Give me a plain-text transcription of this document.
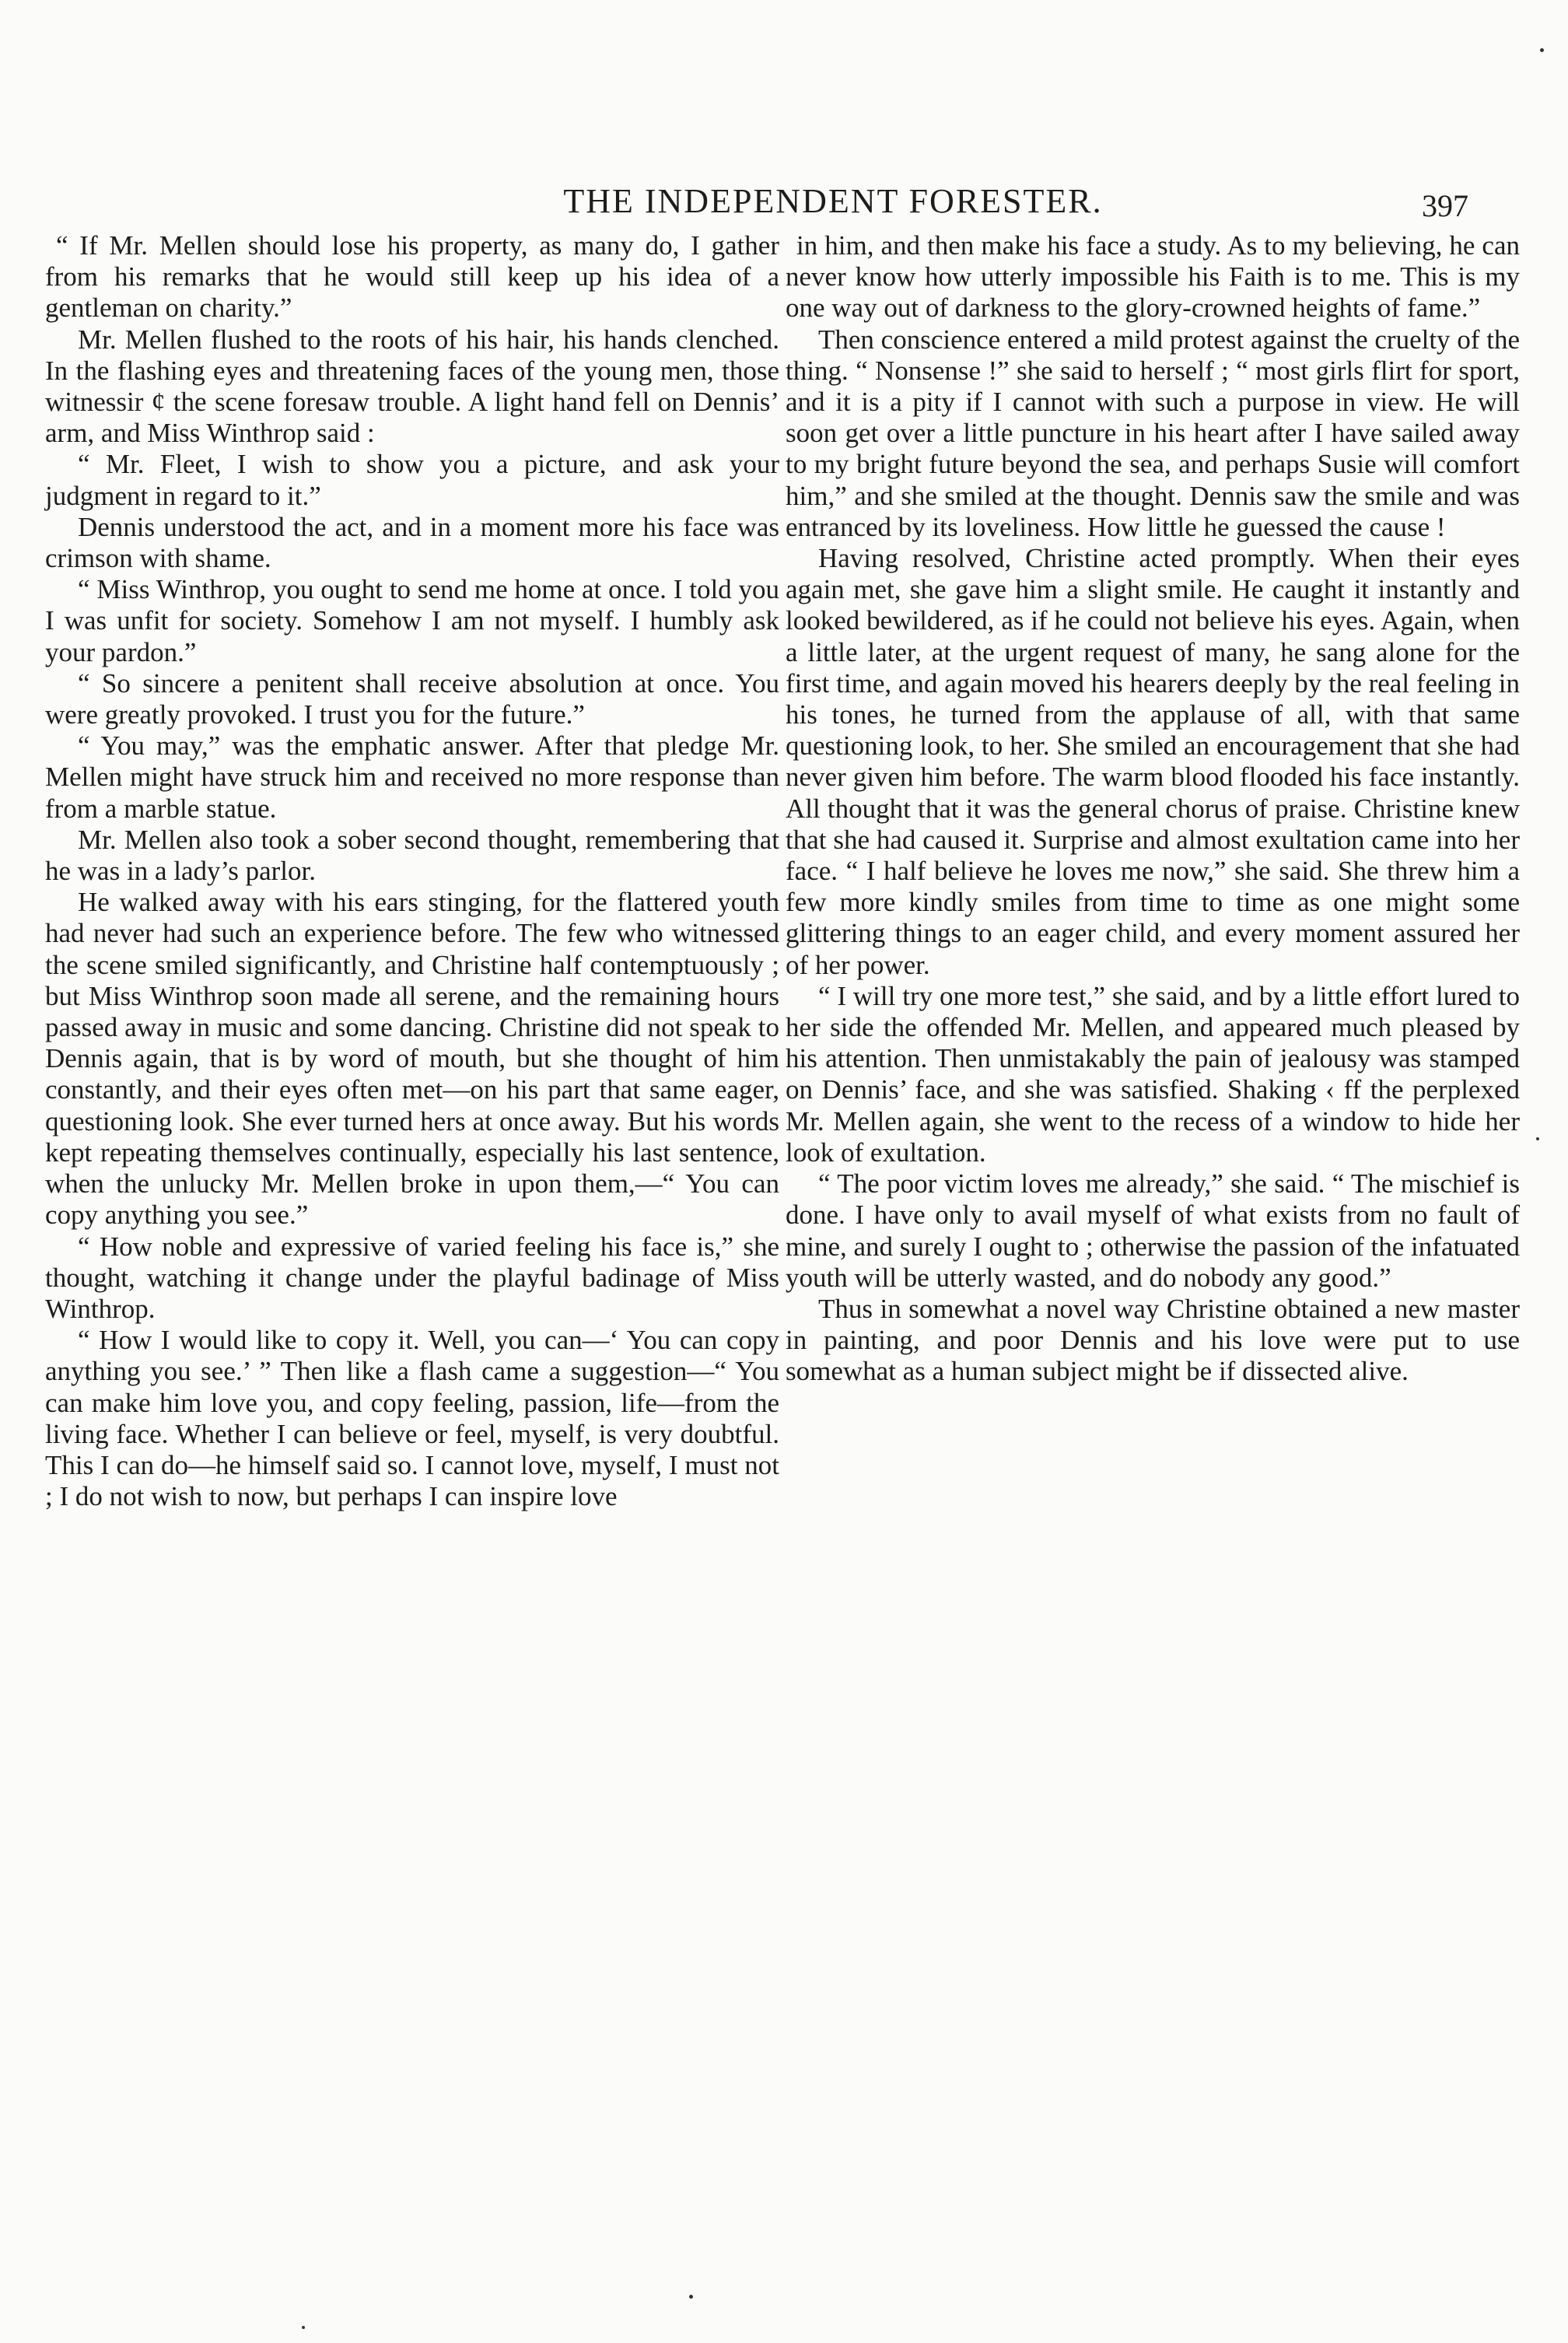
THE INDEPENDENT FORESTER.	397

“ If Mr. Mellen should lose his property, as many do, I gather from his remarks that he would still keep up his idea of a gentleman on charity.”

Mr. Mellen flushed to the roots of his hair, his hands clenched. In the flashing eyes and threatening faces of the young men, those witnessir ¢ the scene foresaw trouble. A light hand fell on Dennis’ arm, and Miss Winthrop said :

“ Mr. Fleet, I wish to show you a picture, and ask your judgment in regard to it.”

Dennis understood the act, and in a moment more his face was crimson with shame.

“ Miss Winthrop, you ought to send me home at once. I told you I was unfit for society. Somehow I am not myself. I humbly ask your pardon.”

“ So sincere a penitent shall receive absolution at once. You were greatly provoked. I trust you for the future.”

“ You may,” was the emphatic answer. After that pledge Mr. Mellen might have struck him and received no more response than from a marble statue.

Mr. Mellen also took a sober second thought, remembering that he was in a lady’s parlor.

He walked away with his ears stinging, for the flattered youth had never had such an experience before. The few who witnessed the scene smiled significantly, and Christine half contemptuously ; but Miss Winthrop soon made all serene, and the remaining hours passed away in music and some dancing. Christine did not speak to Dennis again, that is by word of mouth, but she thought of him constantly, and their eyes often met—on his part that same eager, questioning look. She ever turned hers at once away. But his words kept repeating themselves continually, especially his last sentence, when the unlucky Mr. Mellen broke in upon them,—“ You can copy anything you see.”

“ How noble and expressive of varied feeling his face is,” she thought, watching it change under the playful badinage of Miss Winthrop.

“ How I would like to copy it. Well, you can—‘ You can copy anything you see.’ ” Then like a flash came a suggestion—“ You can make him love you, and copy feeling, passion, life—from the living face. Whether I can believe or feel, myself, is very doubtful. This I can do—he himself said so. I cannot love, myself, I must not ; I do not wish to now, but perhaps I can inspire love

in him, and then make his face a study. As to my believing, he can never know how utterly impossible his Faith is to me. This is my one way out of darkness to the glory-crowned heights of fame.”

Then conscience entered a mild protest against the cruelty of the thing. “ Nonsense !” she said to herself ; “ most girls flirt for sport, and it is a pity if I cannot with such a purpose in view. He will soon get over a little puncture in his heart after I have sailed away to my bright future beyond the sea, and perhaps Susie will comfort him,” and she smiled at the thought. Dennis saw the smile and was entranced by its loveliness. How little he guessed the cause !

Having resolved, Christine acted promptly. When their eyes again met, she gave him a slight smile. He caught it instantly and looked bewildered, as if he could not believe his eyes. Again, when a little later, at the urgent request of many, he sang alone for the first time, and again moved his hearers deeply by the real feeling in his tones, he turned from the applause of all, with that same questioning look, to her. She smiled an encouragement that she had never given him before. The warm blood flooded his face instantly. All thought that it was the general chorus of praise. Christine knew that she had caused it. Surprise and almost exultation came into her face. “ I half believe he loves me now,” she said. She threw him a few more kindly smiles from time to time as one might some glittering things to an eager child, and every moment assured her of her power.

“ I will try one more test,” she said, and by a little effort lured to her side the offended Mr. Mellen, and appeared much pleased by his attention. Then unmistakably the pain of jealousy was stamped on Dennis’ face, and she was satisfied. Shaking ‹ ff the perplexed Mr. Mellen again, she went to the recess of a window to hide her look of exultation.

“ The poor victim loves me already,” she said. “ The mischief is done. I have only to avail myself of what exists from no fault of mine, and surely I ought to ; otherwise the passion of the infatuated youth will be utterly wasted, and do nobody any good.”

Thus in somewhat a novel way Christine obtained a new master in painting, and poor Dennis and his love were put to use somewhat as a human subject might be if dissected alive.
